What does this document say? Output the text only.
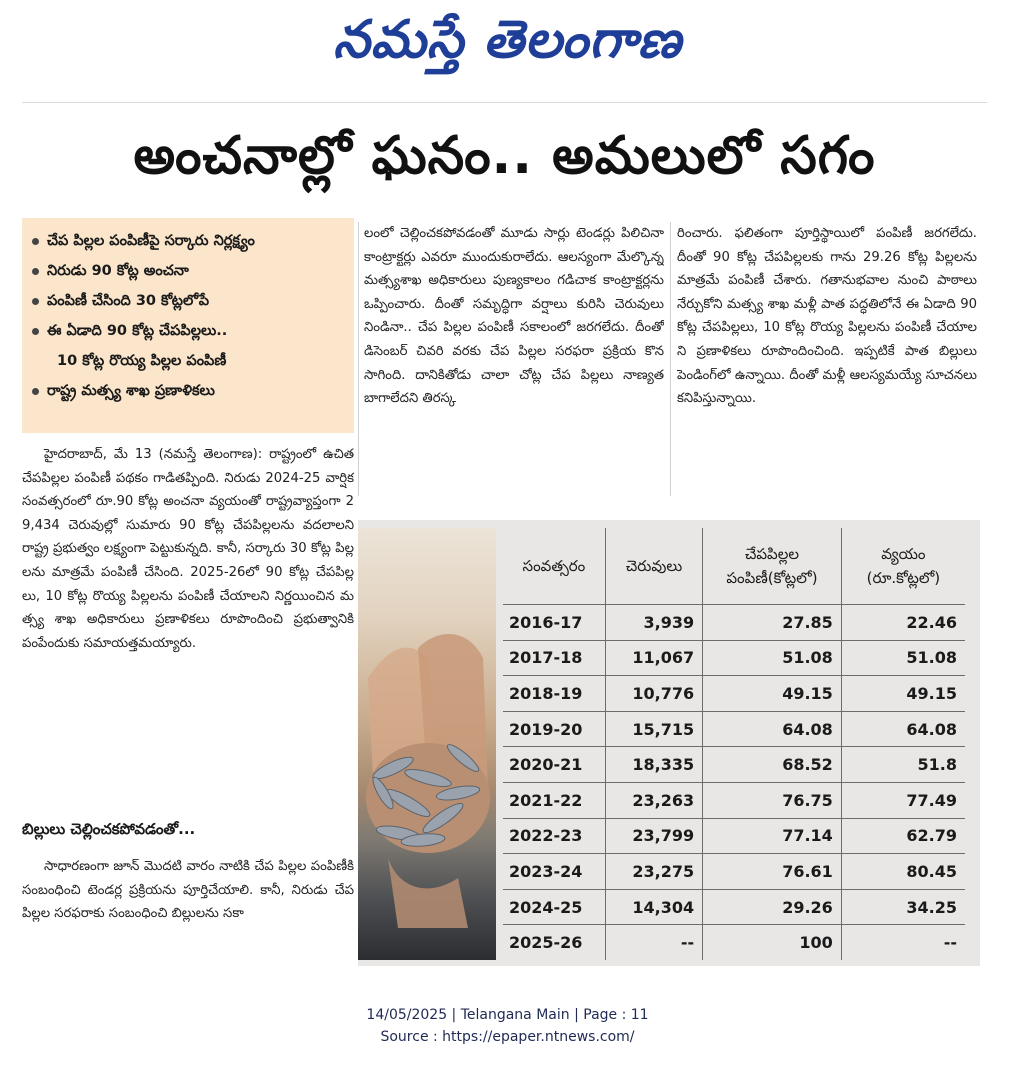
నమస్తే తెలంగాణ
అంచనాల్లో ఘనం.. అమలులో సగం
చేప పిల్లల పంపిణీపై సర్కారు నిర్లక్ష్యం
నిరుడు 90 కోట్ల అంచనా
పంపిణీ చేసింది 30 కోట్లలోపే
ఈ ఏడాది 90 కోట్ల చేపపిల్లలు..
10 కోట్ల రొయ్య పిల్లల పంపిణీ
రాష్ట్ర మత్స్య శాఖ ప్రణాళికలు

హైదరాబాద్, మే 13 (నమస్తే తెలంగాణ): రాష్ట్రంలో ఉచిత చేపపిల్లల పంపిణీ పథకం గాడితప్పింది. నిరుడు 2024-25 వార్షిక సంవత్సరంలో రూ.90 కోట్ల అంచనా వ్యయంతో రాష్ట్రవ్యాప్తంగా 29,434 చెరువుల్లో సుమారు 90 కోట్ల చేపపిల్లలను వదలాలని రాష్ట్ర ప్రభుత్వం లక్ష్యంగా పెట్టుకున్నది. కానీ, సర్కారు 30 కోట్ల పిల్లలను మాత్రమే పంపిణీ చేసింది. 2025-26లో 90 కోట్ల చేపపిల్లలు, 10 కోట్ల రొయ్య పిల్లలను పంపిణీ చేయాలని నిర్ణయించిన మత్స్య శాఖ అధికారులు ప్రణాళికలు రూపొందించి ప్రభుత్వానికి పంపేందుకు సమాయత్తమయ్యారు.

బిల్లులు చెల్లించకపోవడంతో...

సాధారణంగా జూన్ మొదటి వారం నాటికి చేప పిల్లల పంపిణీకి సంబంధించి టెండర్ల ప్రక్రియను పూర్తిచేయాలి. కానీ, నిరుడు చేప పిల్లల సరఫరాకు సంబంధించి బిల్లులను సకా

లంలో చెల్లించకపోవడంతో మూడు సార్లు టెండర్లు పిలిచినా కాంట్రాక్టర్లు ఎవరూ ముందుకురాలేదు. ఆలస్యంగా మేల్కొన్న మత్స్యశాఖ అధికారులు పుణ్యకాలం గడిచాక కాంట్రాక్టర్లను ఒప్పించారు. దీంతో సమృద్ధిగా వర్షాలు కురిసి చెరువులు నిండినా.. చేప పిల్లల పంపిణీ సకాలంలో జరగలేదు. దీంతో డిసెంబర్ చివరి వరకు చేప పిల్లల సరఫరా ప్రక్రియ కొనసాగింది. దానికితోడు చాలా చోట్ల చేప పిల్లలు నాణ్యత బాగాలేదని తిరస్క

రించారు. ఫలితంగా పూర్తిస్థాయిలో పంపిణీ జరగలేదు. దీంతో 90 కోట్ల చేపపిల్లలకు గాను 29.26 కోట్ల పిల్లలను మాత్రమే పంపిణీ చేశారు. గతానుభవాల నుంచి పాఠాలు నేర్చుకోని మత్స్య శాఖ మళ్లీ పాత పద్ధతిలోనే ఈ ఏడాది 90 కోట్ల చేపపిల్లలు, 10 కోట్ల రొయ్య పిల్లలను పంపిణీ చేయాలని ప్రణాళికలు రూపొందించింది. ఇప్పటికే పాత బిల్లులు పెండింగ్‌లో ఉన్నాయి. దీంతో మళ్లీ ఆలస్యమయ్యే సూచనలు కనిపిస్తున్నాయి.

సంవత్సరం	చెరువులు	చేపపిల్లల
పంపిణీ(కోట్లలో)	వ్యయం
(రూ.కోట్లలో)
2016-17	3,939	27.85	22.46
2017-18	11,067	51.08	51.08
2018-19	10,776	49.15	49.15
2019-20	15,715	64.08	64.08
2020-21	18,335	68.52	51.8
2021-22	23,263	76.75	77.49
2022-23	23,799	77.14	62.79
2023-24	23,275	76.61	80.45
2024-25	14,304	29.26	34.25
2025-26	--	100	--
14/05/2025 | Telangana Main | Page : 11
Source : https://epaper.ntnews.com/
